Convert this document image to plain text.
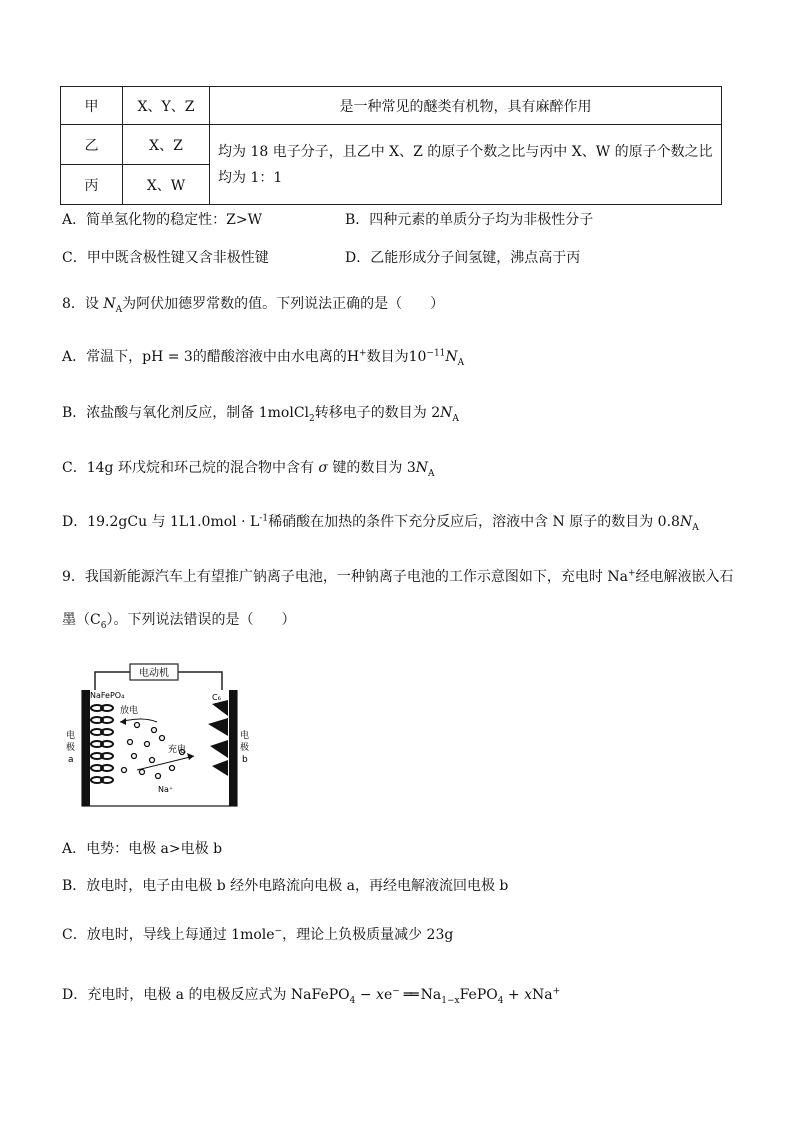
甲	X、Y、Z	是一种常见的醚类有机物，具有麻醉作用
乙	X、Z	均为 18 电子分子，且乙中 X、Z 的原子个数之比与丙中 X、W 的原子个数之比均为 1：1
丙	X、W	
A．简单氢化物的稳定性：Z>W	B．四种元素的单质分子均为非极性分子
C．甲中既含极性键又含非极性键	D．乙能形成分子间氢键，沸点高于丙
8．设 $N_A$为阿伏加德罗常数的值。下列说法正确的是（　　）
A．常温下，pH = 3的醋酸溶液中由水电离的H+数目为$10^{-11}N_A$
B．浓盐酸与氧化剂反应，制备 1molCl$_2$转移电子的数目为 $2N_A$
C．14g 环戊烷和环己烷的混合物中含有 σ 键的数目为 $3N_A$
D．19.2gCu 与 $1L1.0mol \cdot L^{-1}$稀硝酸在加热的条件下充分反应后，溶液中含 N 原子的数目为 $0.8N_A$
9．我国新能源汽车上有望推广钠离子电池，一种钠离子电池的工作示意图如下，充电时 Na+经电解液嵌入石
墨$(C_6)$。下列说法错误的是（　　）
电动机
NaFePO₄	C₆
放电
充电
Na⁺
电
极
a
电
极
b
A．电势：电极 a>电极 b
B．放电时，电子由电极 b 经外电路流向电极 a，再经电解液流回电极 b
C．放电时，导线上每通过 1mole−，理论上负极质量减少 23g
D．充电时，电极 a 的电极反应式为 NaFePO$_4$ − xe− ══ $Na_{1-x}FePO_4 + xNa^+$
